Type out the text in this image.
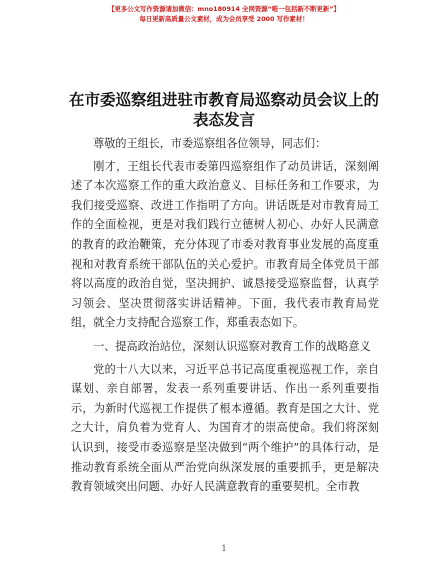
【更多公文写作资源请加微信：mno180914 全网资源“唯一包括新不断更新”】
每日更新高质量公文素材，成为会员享受 2000 写作素材！
在市委巡察组进驻市教育局巡察动员会议上的
表态发言

尊敬的王组长，市委巡察组各位领导，同志们：

刚才，王组长代表市委第四巡察组作了动员讲话，深刻阐述了本次巡察工作的重大政治意义、目标任务和工作要求，为我们接受巡察、改进工作指明了方向。讲话既是对市教育局工作的全面检视，更是对我们践行立德树人初心、办好人民满意的教育的政治鞭策，充分体现了市委对教育事业发展的高度重视和对教育系统干部队伍的关心爱护。市教育局全体党员干部将以高度的政治自觉，坚决拥护、诚恳接受巡察监督，认真学习领会、坚决贯彻落实讲话精神。下面，我代表市教育局党组，就全力支持配合巡察工作，郑重表态如下。

一、提高政治站位，深刻认识巡察对教育工作的战略意义

党的十八大以来，习近平总书记高度重视巡视工作，亲自谋划、亲自部署，发表一系列重要讲话、作出一系列重要指示，为新时代巡视工作提供了根本遵循。教育是国之大计、党之大计，肩负着为党育人、为国育才的崇高使命。我们将深刻认识到，接受市委巡察是坚决做到“两个维护”的具体行动，是推动教育系统全面从严治党向纵深发展的重要抓手，更是解决教育领域突出问题、办好人民满意教育的重要契机。全市教

1
